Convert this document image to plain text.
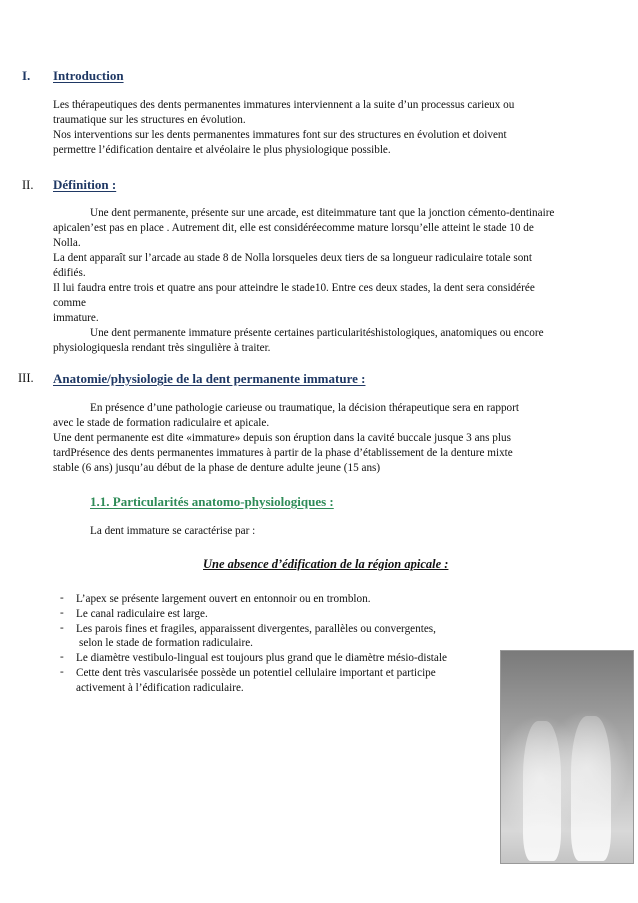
I. Introduction
Les thérapeutiques des dents permanentes immatures interviennent a la suite d’un processus carieux ou
traumatique sur les structures en évolution.
Nos interventions sur les dents permanentes immatures font sur des structures en évolution et doivent
permettre l’édification dentaire et alvéolaire le plus physiologique possible.
II. Définition :
Une dent permanente, présente sur une arcade, est diteimmature tant que la jonction cémento-dentinaire
apicalen’est pas en place . Autrement dit, elle est considéréecomme mature lorsqu’elle atteint le stade 10 de
Nolla.
La dent apparaît sur l’arcade au stade 8 de Nolla lorsqueles deux tiers de sa longueur radiculaire totale sont
édifiés.
Il lui faudra entre trois et quatre ans pour atteindre le stade10. Entre ces deux stades, la dent sera considérée
comme
immature.
Une dent permanente immature présente certaines particularitéshistologiques, anatomiques ou encore
physiologiquesla rendant très singulière à traiter.
III. Anatomie/physiologie de la dent permanente immature :
En présence d’une pathologie carieuse ou traumatique, la décision thérapeutique sera en rapport
avec le stade de formation radiculaire et apicale.
Une dent permanente est dite «immature» depuis son éruption dans la cavité buccale jusque 3 ans plus
tardPrésence des dents permanentes immatures à partir de la phase d’établissement de la denture mixte
stable (6 ans) jusqu’au début de la phase de denture adulte jeune (15 ans)
1.1. Particularités anatomo-physiologiques :
La dent immature se caractérise par :
Une absence d’édification de la région apicale :
- L’apex se présente largement ouvert en entonnoir ou en tromblon.
- Le canal radiculaire est large.
- Les parois fines et fragiles, apparaissent divergentes, parallèles ou convergentes,
selon le stade de formation radiculaire.
- Le diamètre vestibulo-lingual est toujours plus grand que le diamètre mésio-distale
- Cette dent très vascularisée possède un potentiel cellulaire important et participe
activement à l’édification radiculaire.
